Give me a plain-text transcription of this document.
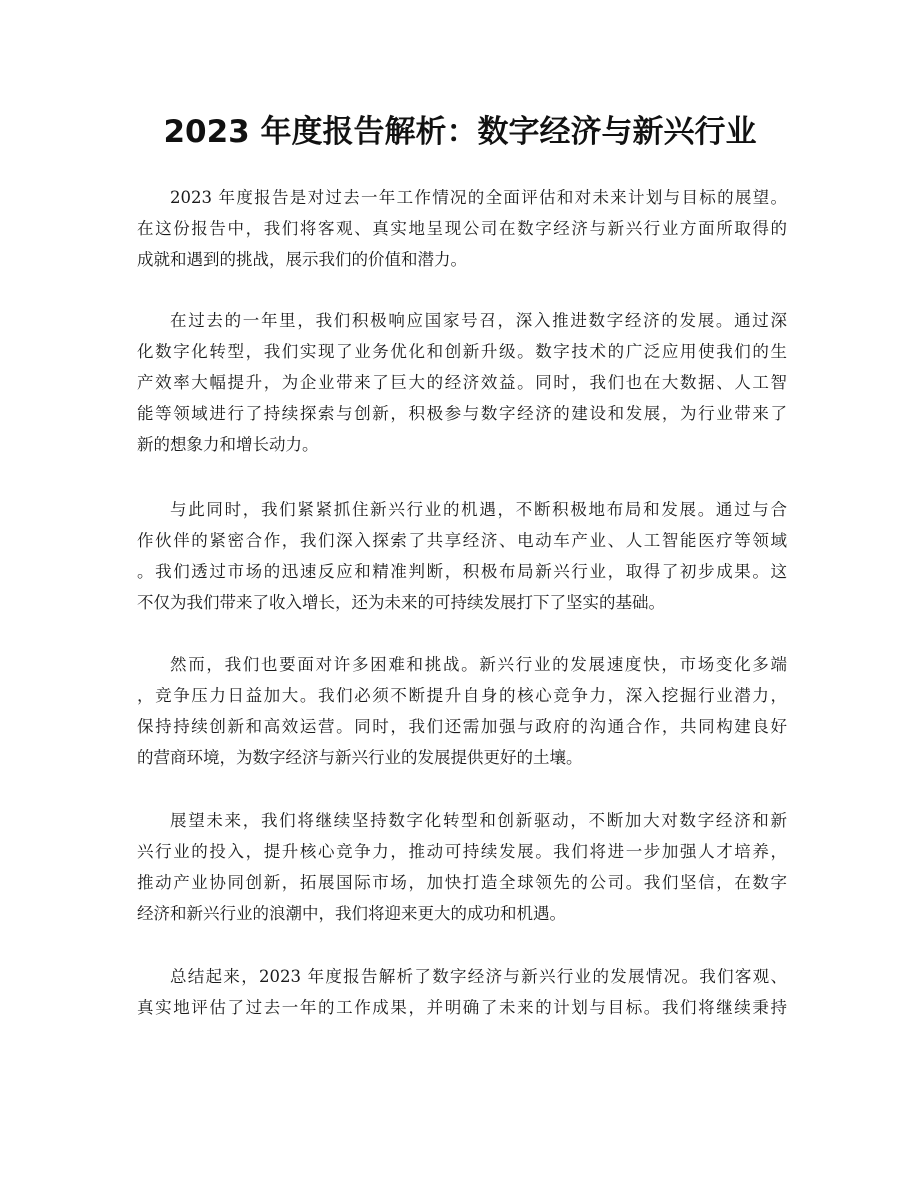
2023 年度报告解析：数字经济与新兴行业

2023 年度报告是对过去一年工作情况的全面评估和对未来计划与目标的展望。
在这份报告中，我们将客观、真实地呈现公司在数字经济与新兴行业方面所取得的
成就和遇到的挑战，展示我们的价值和潜力。

在过去的一年里，我们积极响应国家号召，深入推进数字经济的发展。通过深
化数字化转型，我们实现了业务优化和创新升级。数字技术的广泛应用使我们的生
产效率大幅提升，为企业带来了巨大的经济效益。同时，我们也在大数据、人工智
能等领域进行了持续探索与创新，积极参与数字经济的建设和发展，为行业带来了
新的想象力和增长动力。

与此同时，我们紧紧抓住新兴行业的机遇，不断积极地布局和发展。通过与合
作伙伴的紧密合作，我们深入探索了共享经济、电动车产业、人工智能医疗等领域
。我们透过市场的迅速反应和精准判断，积极布局新兴行业，取得了初步成果。这
不仅为我们带来了收入增长，还为未来的可持续发展打下了坚实的基础。

然而，我们也要面对许多困难和挑战。新兴行业的发展速度快，市场变化多端
，竞争压力日益加大。我们必须不断提升自身的核心竞争力，深入挖掘行业潜力，
保持持续创新和高效运营。同时，我们还需加强与政府的沟通合作，共同构建良好
的营商环境，为数字经济与新兴行业的发展提供更好的土壤。

展望未来，我们将继续坚持数字化转型和创新驱动，不断加大对数字经济和新
兴行业的投入，提升核心竞争力，推动可持续发展。我们将进一步加强人才培养，
推动产业协同创新，拓展国际市场，加快打造全球领先的公司。我们坚信，在数字
经济和新兴行业的浪潮中，我们将迎来更大的成功和机遇。

总结起来，2023 年度报告解析了数字经济与新兴行业的发展情况。我们客观、
真实地评估了过去一年的工作成果，并明确了未来的计划与目标。我们将继续秉持
